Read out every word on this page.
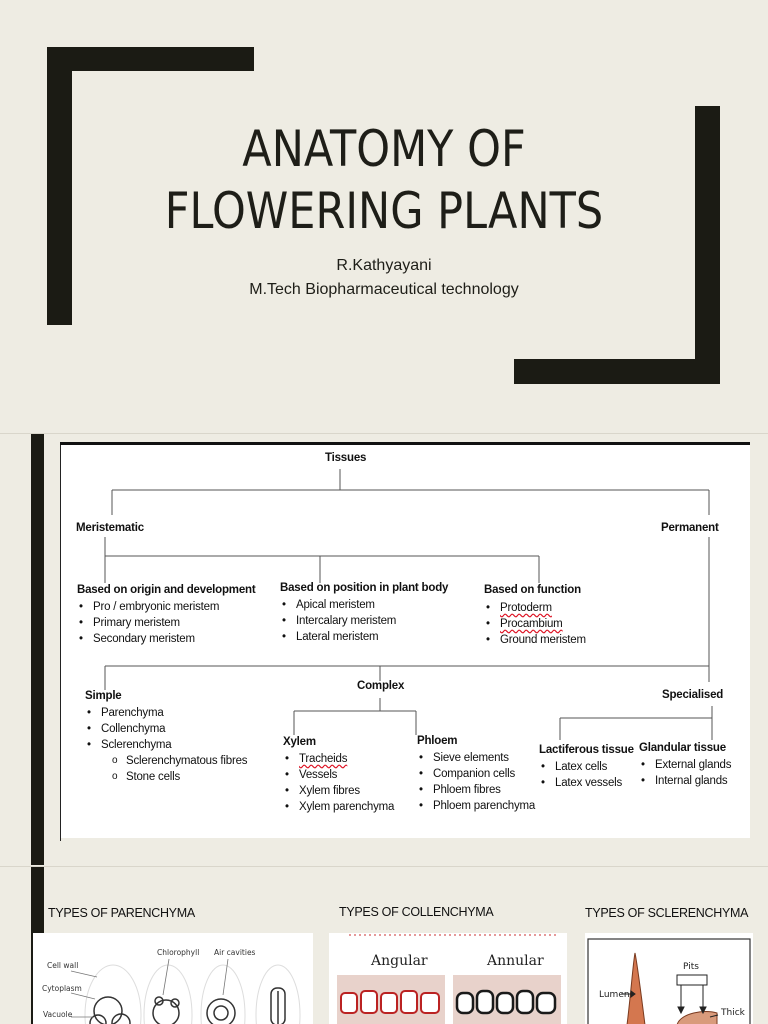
ANATOMY OF
FLOWERING PLANTS
R.Kathyayani
M.Tech Biopharmaceutical technology
Tissues
Meristematic	Permanent
Based on origin and development
• Pro / embryonic meristem
• Primary meristem
• Secondary meristem
Based on position in plant body
• Apical meristem
• Intercalary meristem
• Lateral meristem
Based on function
• Protoderm
• Procambium
• Ground meristem
Simple
• Parenchyma
• Collenchyma
• Sclerenchyma
o Sclerenchymatous fibres
o Stone cells
Complex
Xylem
• Tracheids
• Vessels
• Xylem fibres
• Xylem parenchyma
Phloem
• Sieve elements
• Companion cells
• Phloem fibres
• Phloem parenchyma
Specialised
Lactiferous tissue
• Latex cells
• Latex vessels
Glandular tissue
• External glands
• Internal glands
TYPES OF PARENCHYMA	TYPES OF COLLENCHYMA	TYPES OF SCLERENCHYMA
Cell wall
Cytoplasm
Vacuole
Chlorophyll Air cavities
Angular	Annular
Lumen
Pits
Thick
